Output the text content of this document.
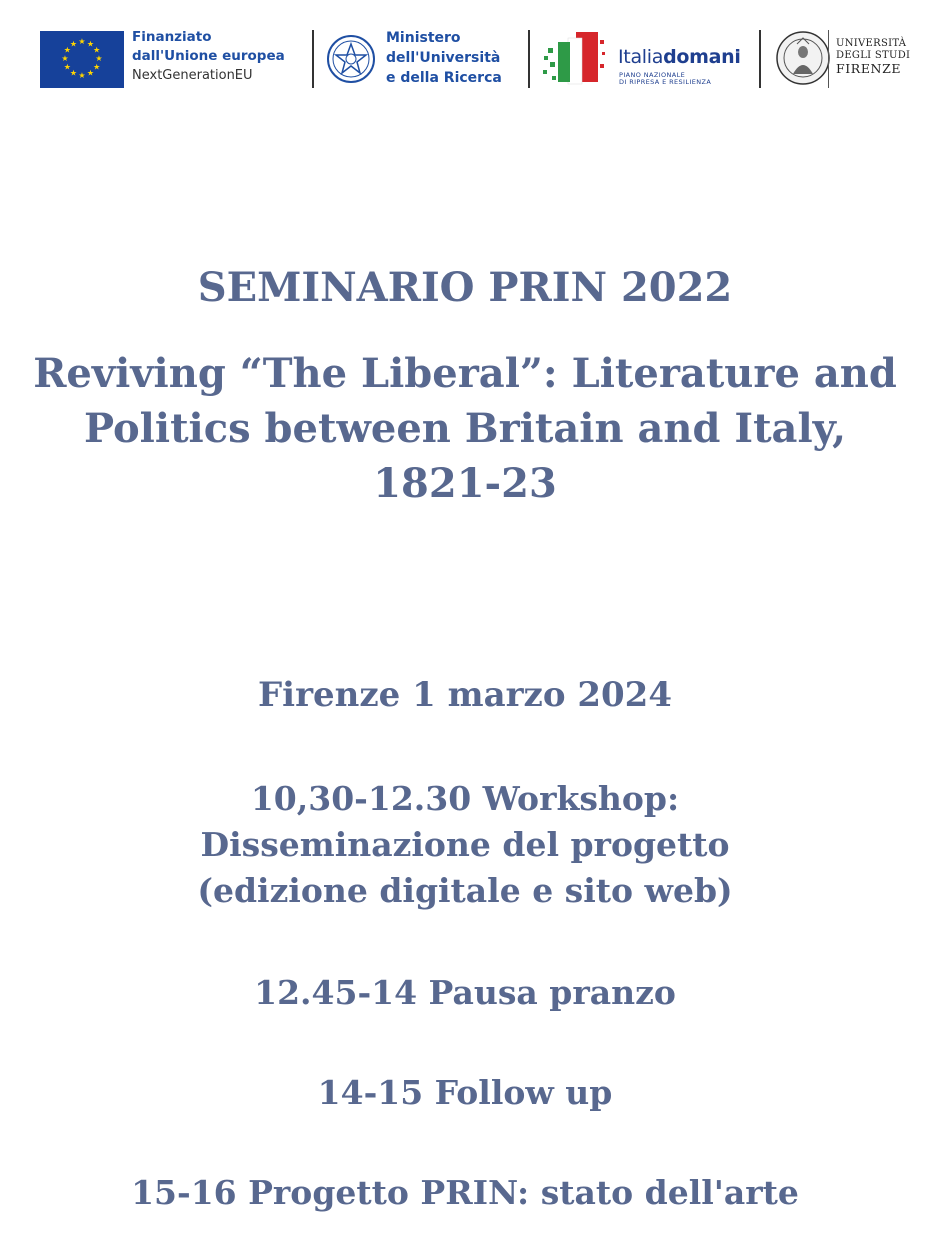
★ ★
★
★
★
★
★
★
★
★
★
★	Finanziato
dall'Unione europea
NextGenerationEU
Ministero
dell'Università
e della Ricerca
Italiadomani
PIANO NAZIONALE
DI RIPRESA E RESILIENZA
UNIVERSITÀ
DEGLI STUDI
FIRENZE
SEMINARIO PRIN 2022
Reviving “The Liberal”: Literature and
Politics between Britain and Italy,
1821-23
Firenze 1 marzo 2024
10,30-12.30 Workshop:
Disseminazione del progetto
(edizione digitale e sito web)
12.45-14 Pausa pranzo
14-15 Follow up
15-16 Progetto PRIN: stato dell'arte
